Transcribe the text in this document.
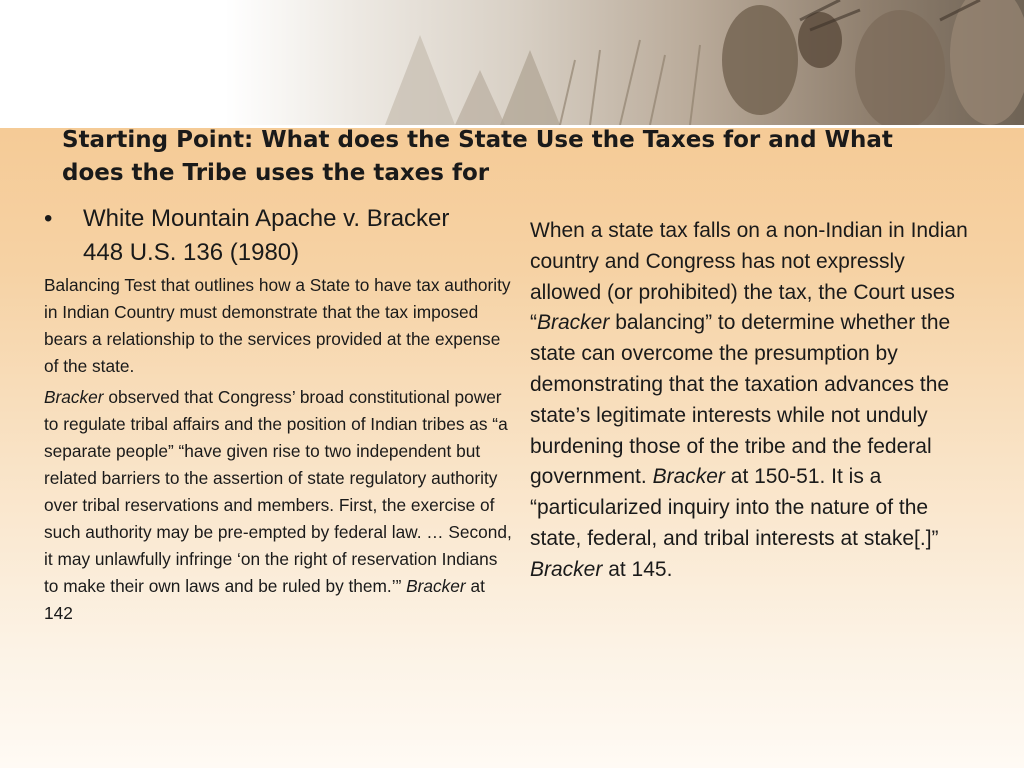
Starting Point: What does the State Use the Taxes for and What does the Tribe uses the taxes for
• White Mountain Apache v. Bracker
448 U.S. 136 (1980)

Balancing Test that outlines how a State to have tax authority in Indian Country must demonstrate that the tax imposed bears a relationship to the services provided at the expense of the state.

Bracker observed that Congress’ broad constitutional power to regulate tribal affairs and the position of Indian tribes as “a separate people” “have given rise to two independent but related barriers to the assertion of state regulatory authority over tribal reservations and members. First, the exercise of such authority may be pre-empted by federal law. … Second, it may unlawfully infringe ‘on the right of reservation Indians to make their own laws and be ruled by them.’” Bracker at 142

When a state tax falls on a non-Indian in Indian country and Congress has not expressly allowed (or prohibited) the tax, the Court uses “Bracker balancing” to determine whether the state can overcome the presumption by demonstrating that the taxation advances the state’s legitimate interests while not unduly burdening those of the tribe and the federal government. Bracker at 150-51. It is a “particularized inquiry into the nature of the state, federal, and tribal interests at stake[.]” Bracker at 145.
